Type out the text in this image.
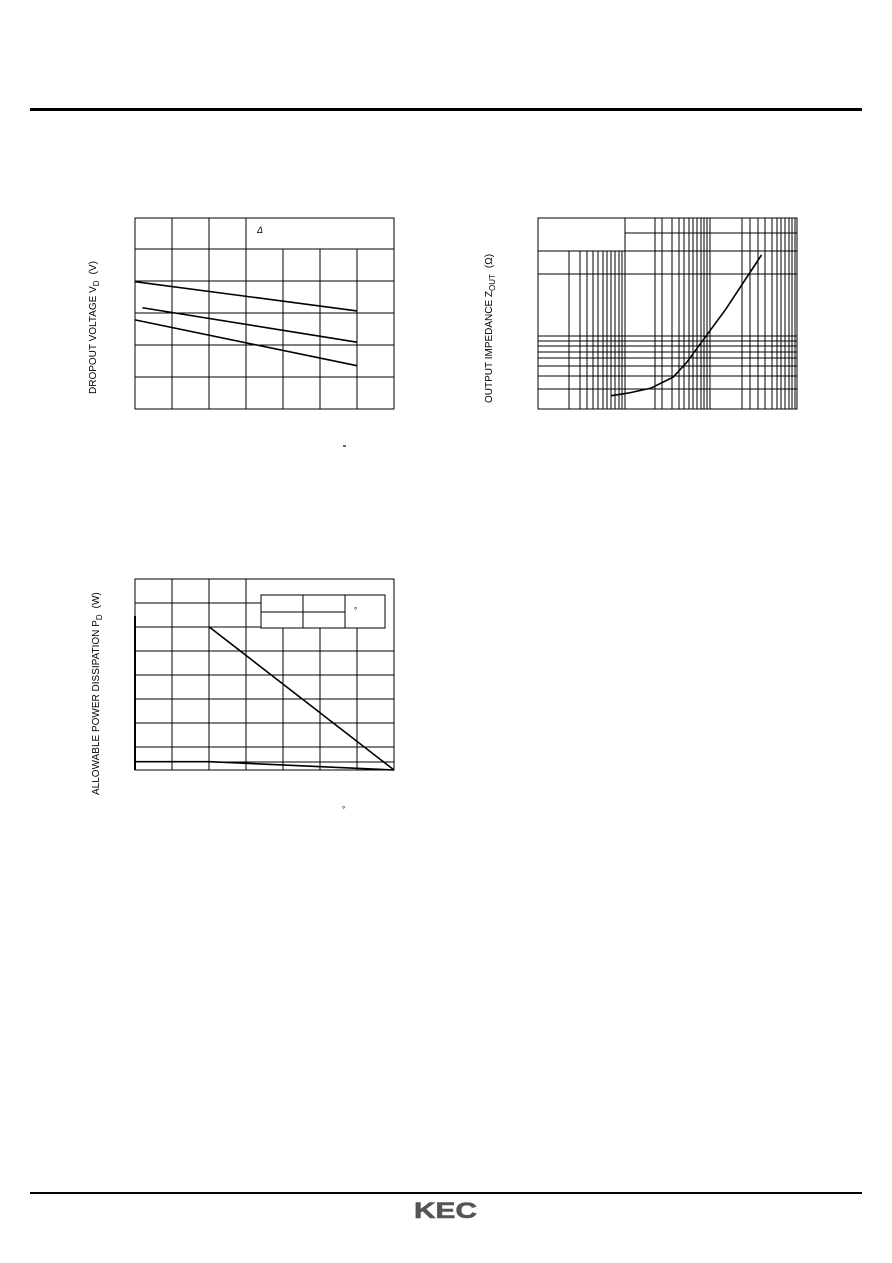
Δ
°
°
DROPOUT VOLTAGE $V_D(V)$
OUTPUT IMPEDANCE $Z_{OUT}(\Omega)$
ALLOWABLE POWER DISSIPATION $P_D(W)$
KEC
